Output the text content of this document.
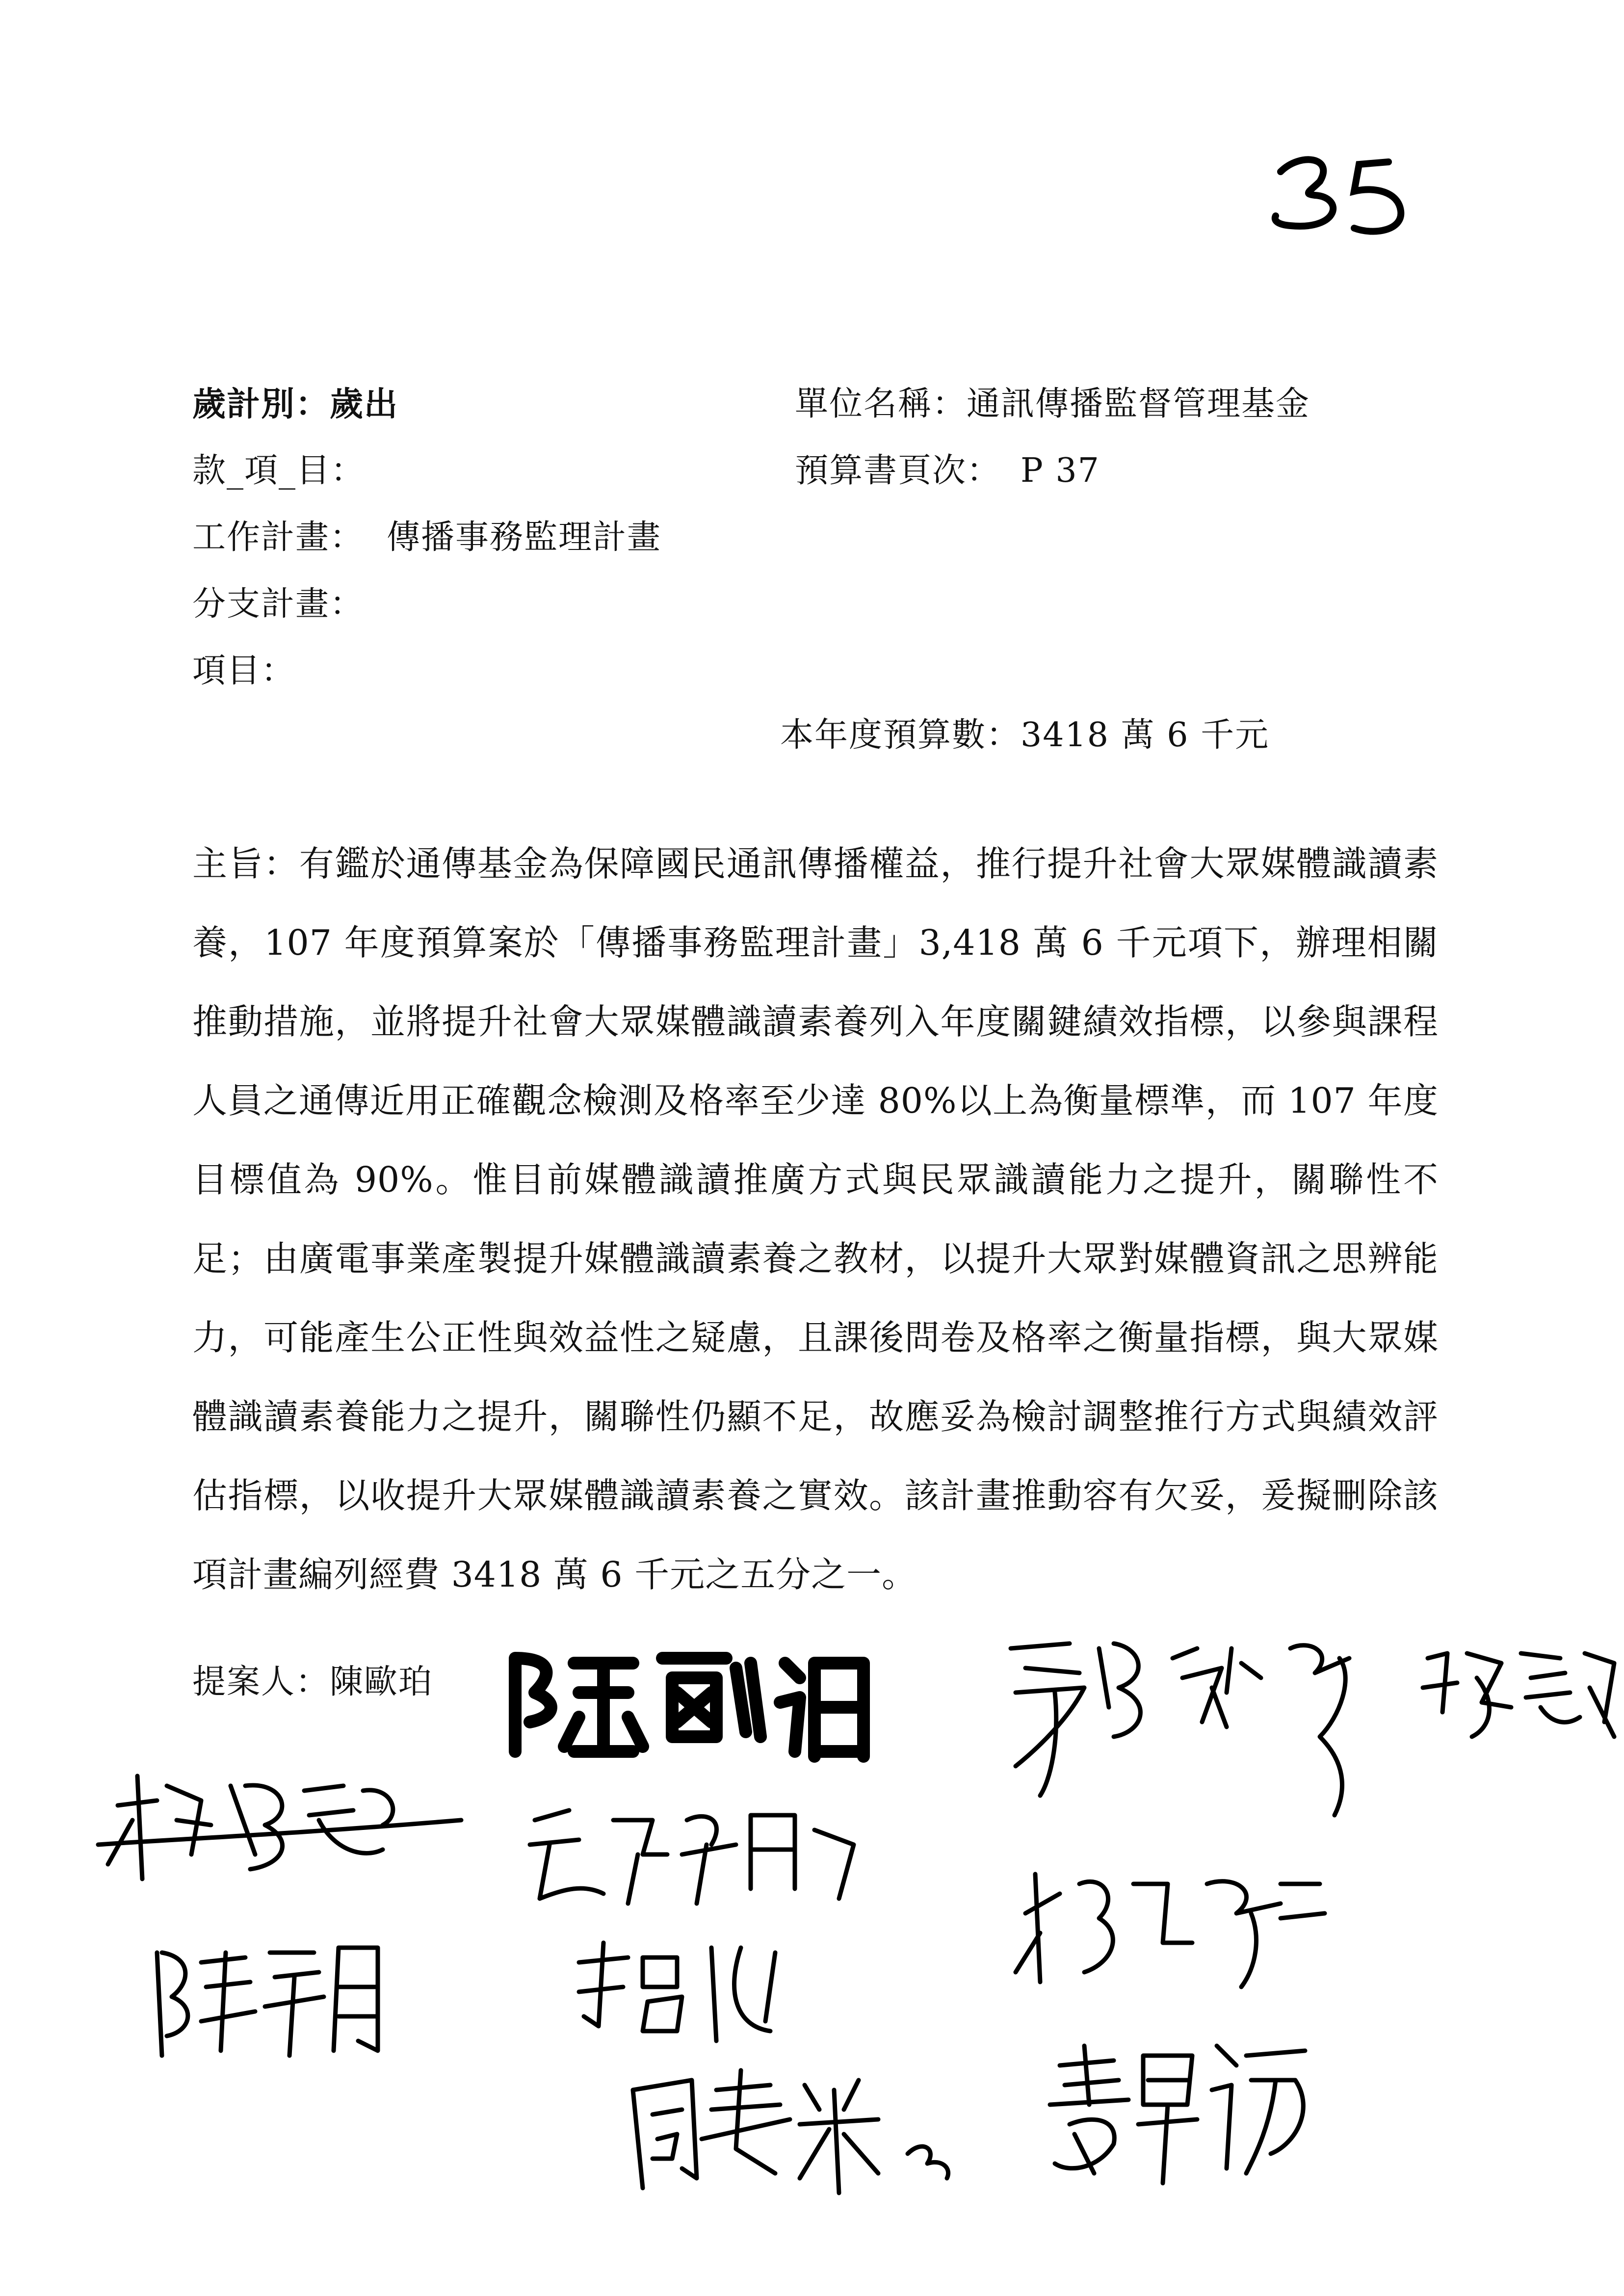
歲計別：歲出
款_項_目：
工作計畫： 傳播事務監理計畫
分支計畫：
項目：
單位名稱：通訊傳播監督管理基金
預算書頁次： P 37
本年度預算數：3418 萬 6 千元
主旨：有鑑於通傳基金為保障國民通訊傳播權益，推行提升社會大眾媒體識讀素養，107 年度預算案於「傳播事務監理計畫」3,418 萬 6 千元項下，辦理相關推動措施，並將提升社會大眾媒體識讀素養列入年度關鍵績效指標，以參與課程人員之通傳近用正確觀念檢測及格率至少達 80%以上為衡量標準，而 107 年度目標值為 90%。惟目前媒體識讀推廣方式與民眾識讀能力之提升，關聯性不足；由廣電事業產製提升媒體識讀素養之教材，以提升大眾對媒體資訊之思辨能力，可能產生公正性與效益性之疑慮，且課後問卷及格率之衡量指標，與大眾媒體識讀素養能力之提升，關聯性仍顯不足，故應妥為檢討調整推行方式與績效評估指標，以收提升大眾媒體識讀素養之實效。該計畫推動容有欠妥，爰擬刪除該項計畫編列經費 3418 萬 6 千元之五分之一。
提案人：陳歐珀
